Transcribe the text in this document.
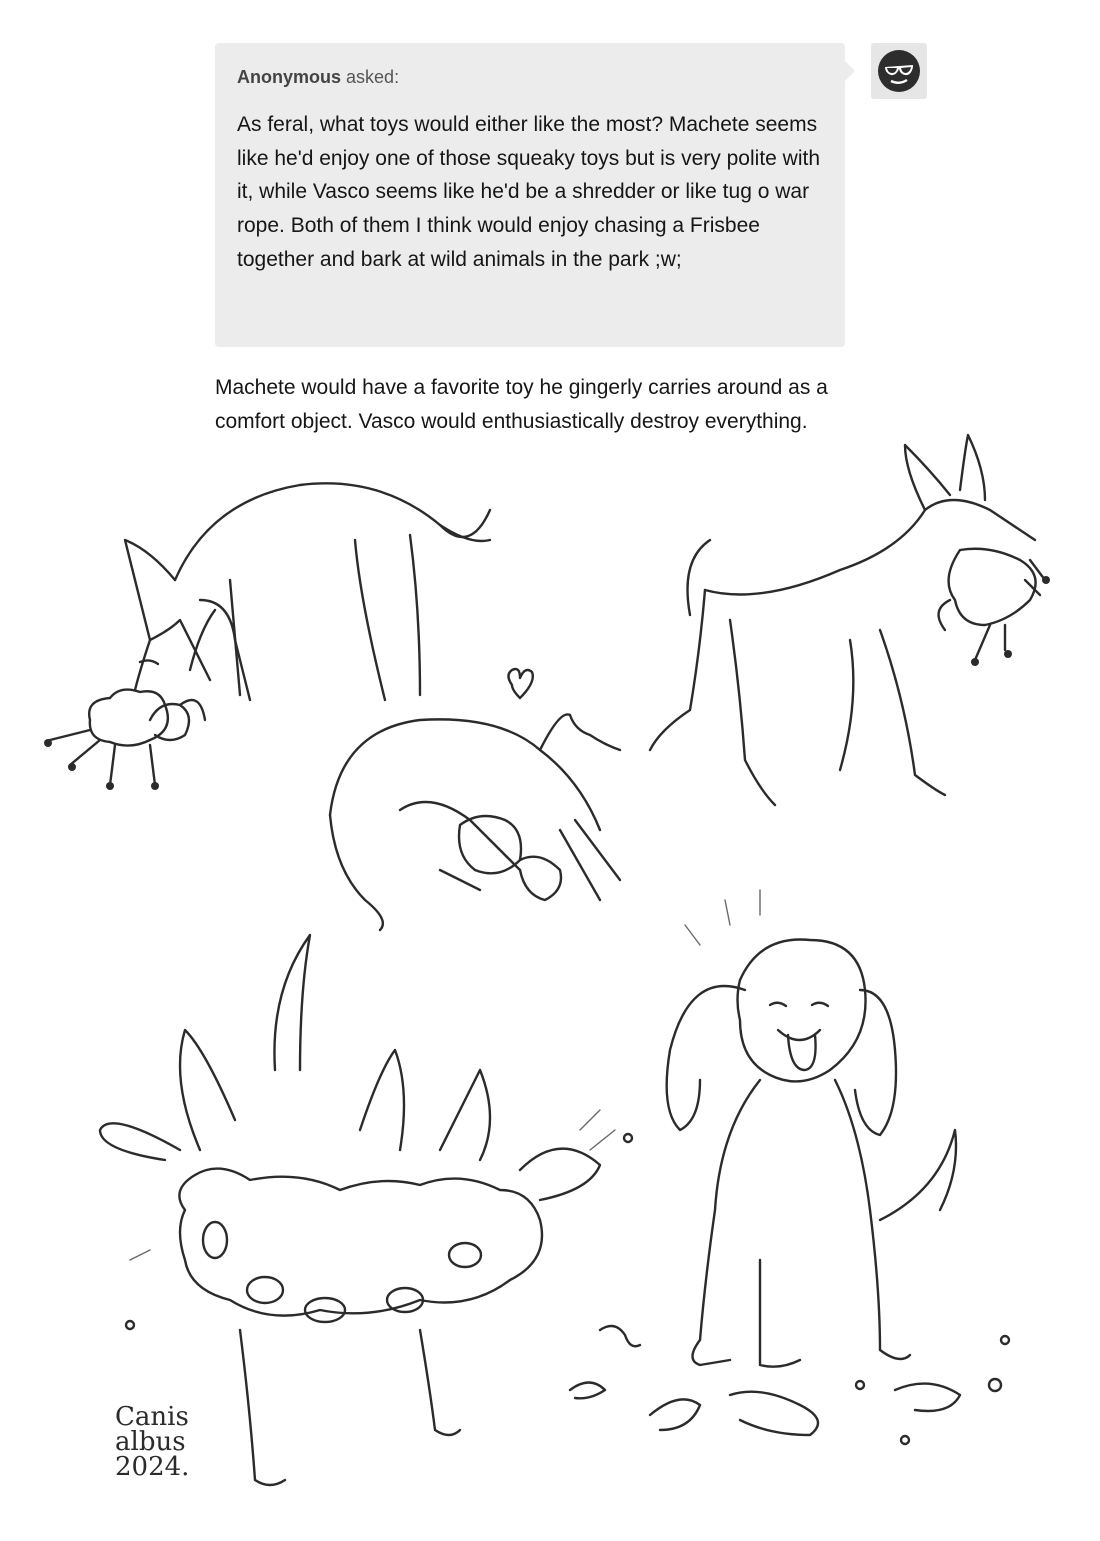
Anonymous asked:

As feral, what toys would either like the most? Machete seems like he'd enjoy one of those squeaky toys but is very polite with it, while Vasco seems like he'd be a shredder or like tug o war rope. Both of them I think would enjoy chasing a Frisbee together and bark at wild animals in the park ;w;

Machete would have a favorite toy he gingerly carries around as a comfort object. Vasco would enthusiastically destroy everything.

Canis
albus
2024.
